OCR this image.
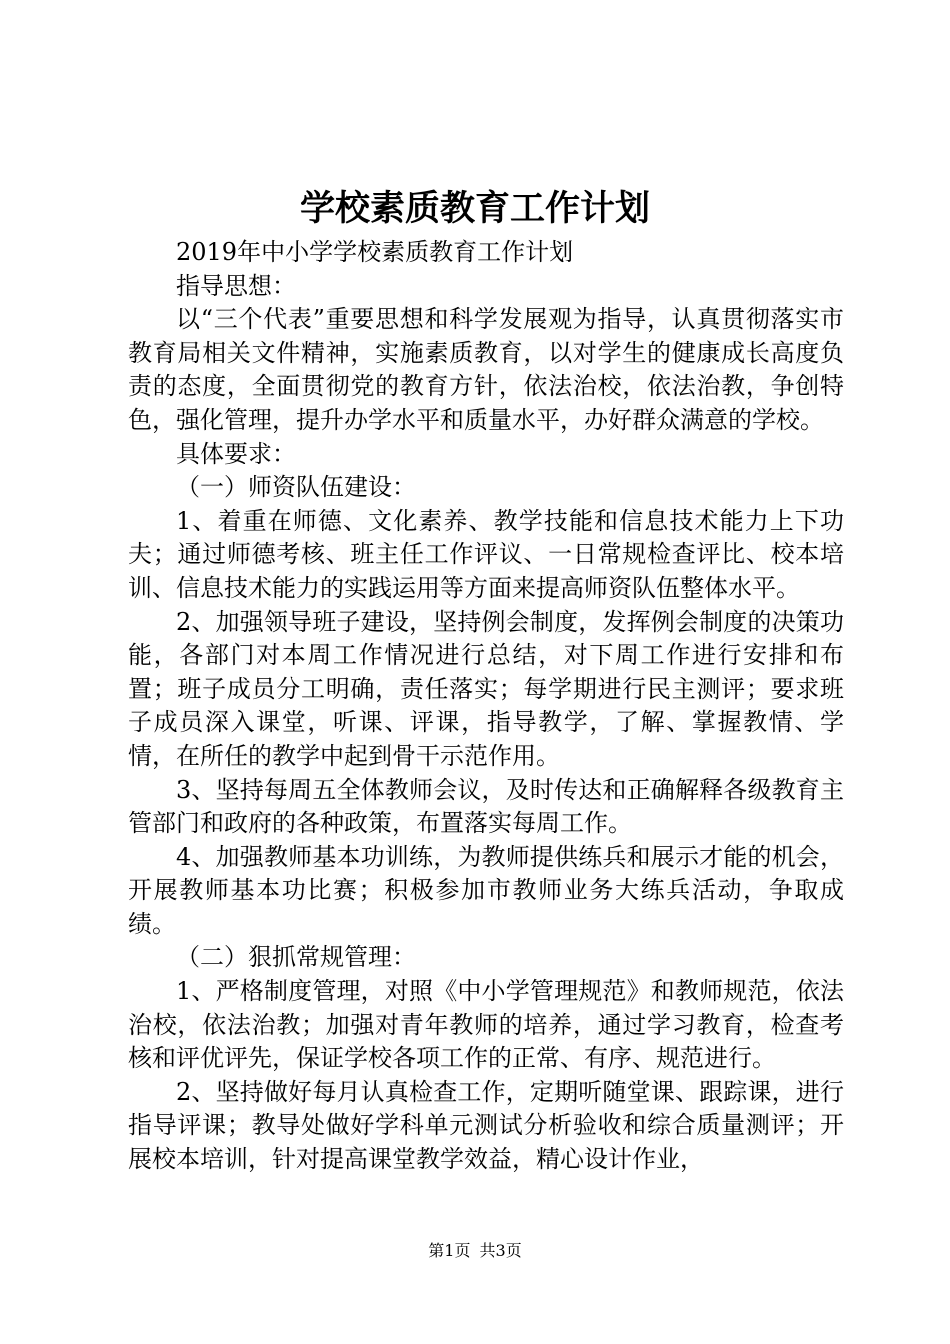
学校素质教育工作计划

2019年中小学学校素质教育工作计划

指导思想：

以“三个代表”重要思想和科学发展观为指导，认真贯彻落实市教育局相关文件精神，实施素质教育，以对学生的健康成长高度负责的态度，全面贯彻党的教育方针，依法治校，依法治教，争创特色，强化管理，提升办学水平和质量水平，办好群众满意的学校。

具体要求：

（一）师资队伍建设：

1、着重在师德、文化素养、教学技能和信息技术能力上下功夫；通过师德考核、班主任工作评议、一日常规检查评比、校本培训、信息技术能力的实践运用等方面来提高师资队伍整体水平。

2、加强领导班子建设，坚持例会制度，发挥例会制度的决策功能，各部门对本周工作情况进行总结，对下周工作进行安排和布置；班子成员分工明确，责任落实；每学期进行民主测评；要求班子成员深入课堂，听课、评课，指导教学，了解、掌握教情、学情，在所任的教学中起到骨干示范作用。

3、坚持每周五全体教师会议，及时传达和正确解释各级教育主管部门和政府的各种政策，布置落实每周工作。

4、加强教师基本功训练，为教师提供练兵和展示才能的机会，开展教师基本功比赛；积极参加市教师业务大练兵活动，争取成绩。

（二）狠抓常规管理：

1、严格制度管理，对照《中小学管理规范》和教师规范，依法治校，依法治教；加强对青年教师的培养，通过学习教育，检查考核和评优评先，保证学校各项工作的正常、有序、规范进行。

2、坚持做好每月认真检查工作，定期听随堂课、跟踪课，进行指导评课；教导处做好学科单元测试分析验收和综合质量测评；开展校本培训，针对提高课堂教学效益，精心设计作业，

第1页 共3页
